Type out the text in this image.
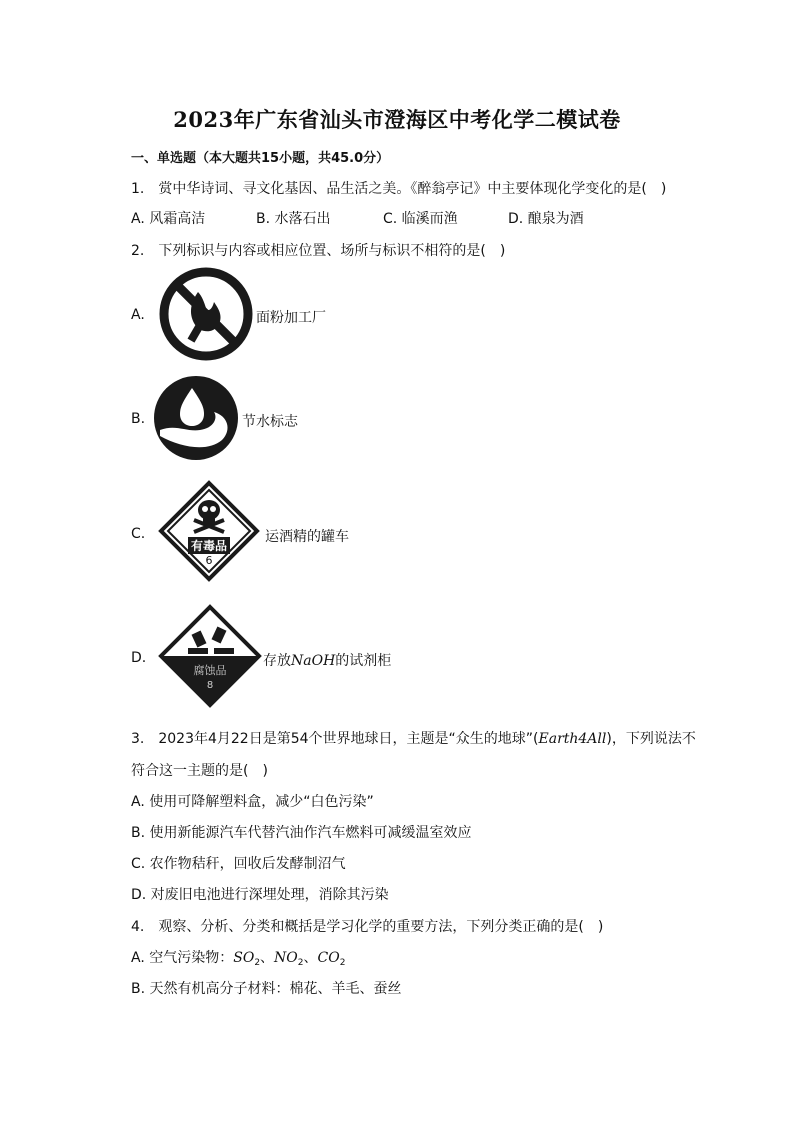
2023年广东省汕头市澄海区中考化学二模试卷
一、单选题（本大题共15小题，共45.0分）
1.　赏中华诗词、寻文化基因、品生活之美。《醉翁亭记》中主要体现化学变化的是(　)
A. 风霜高洁	B. 水落石出	C. 临溪而渔	D. 酿泉为酒
2.　下列标识与内容或相应位置、场所与标识不相符的是(　)
A.	面粉加工厂
B.	节水标志
C.
有毒品
6
运酒精的罐车
D.
腐蚀品
8
存放NaOH的试剂柜
3.　2023年4月22日是第54个世界地球日，主题是“众生的地球”(Earth4All)，下列说法不
符合这一主题的是(　)
A. 使用可降解塑料盒，减少“白色污染”
B. 使用新能源汽车代替汽油作汽车燃料可减缓温室效应
C. 农作物秸秆，回收后发酵制沼气
D. 对废旧电池进行深埋处理，消除其污染
4.　观察、分析、分类和概括是学习化学的重要方法，下列分类正确的是(　)
A. 空气污染物：$SO_2$、$NO_2$、$CO_2$
B. 天然有机高分子材料：棉花、羊毛、蚕丝
